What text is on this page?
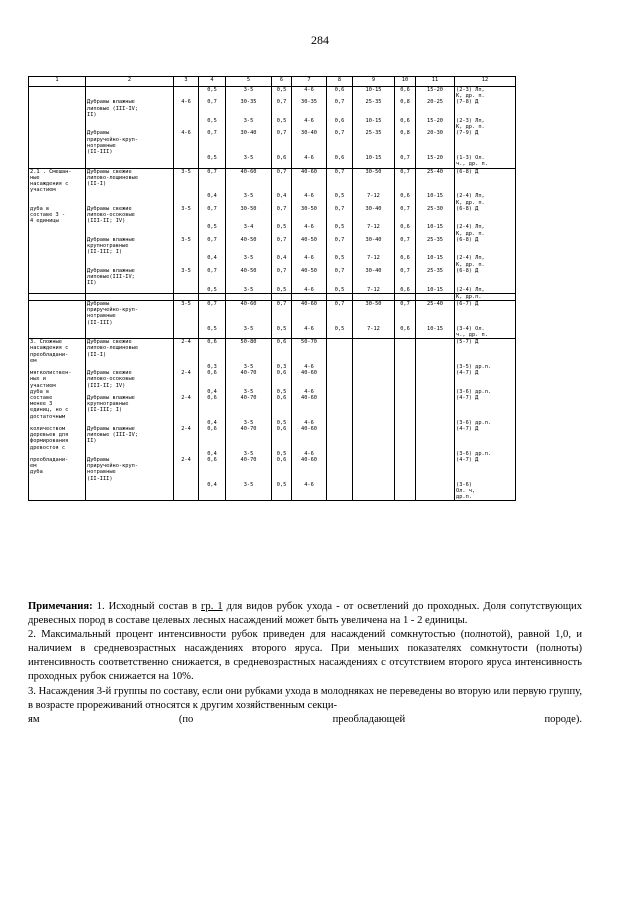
284
1	2	3	4	5	6	7	8	9	10	11	12
			0,5	3-5	0,5	4-6	0,6	10-15	0,6	15-20	(2-3) Лп,
К, др. п.
	Дубравы влажные
липовые (III-IV;
II)	4-6	0,7	30-35	0,7	30-35	0,7	25-35	0,8	20-25	(7-8) Д
			0,5	3-5	0,5	4-6	0,6	10-15	0,6	15-20	(2-3) Лп,
К, др. п.
	Дубравы
приручейно-круп-
нотравные
(II-III)	4-6	0,7	30-40	0,7	30-40	0,7	25-35	0,8	20-30	(7-9) Д
			0,5	3-5	0,6	4-6	0,6	10-15	0,7	15-20	(1-3) Ол.
ч., др. п.
2.1 . Смешан-
ные
насаждения с
участием	Дубравы свежие
липово-лещиновые
(II-I)	3-5	0,7	40-60	0,7	40-60	0,7	30-50	0,7	25-40	(6-8) Д
			0,4	3-5	0,4	4-6	0,5	7-12	0,6	10-15	(2-4) Лп,
К, др. п.
дуба в
составе 3 -
4 единицы	Дубравы свежие
липово-осоковые
(III-II; IV)	3-5	0,7	30-50	0,7	30-50	0,7	30-40	0,7	25-30	(6-8) Д
			0,5	3-4	0,5	4-6	0,5	7-12	0,6	10-15	(2-4) Лп,
К, др. п.
	Дубравы влажные
крупнотравные
(II-III; I)	3-5	0,7	40-50	0,7	40-50	0,7	30-40	0,7	25-35	(6-8) Д
			0,4	3-5	0,4	4-6	0,5	7-12	0,6	10-15	(2-4) Лп,
К, др. п.
	Дубравы влажные
липовые(III-IV;
II)	3-5	0,7	40-50	0,7	40-50	0,7	30-40	0,7	25-35	(6-8) Д
			0,5	3-5	0,5	4-6	0,5	7-12	0,6	10-15	(2-4) Лп,
											К, др.п.
	Дубравы
приручейно-круп-
нотравные
(II-III)	3-5	0,7	40-60	0,7	40-60	0,7	30-50	0,7	25-40	(6-7) Д
			0,5	3-5	0,5	4-6	0,5	7-12	0,6	10-15	(3-4) Ол.
ч., др. п.
3. Сложные
насаждения с
преобладани-
ем	Дубравы свежие
липово-лещиновые
(II-I)	2-4	0,6	50-80	0,6	50-70					(5-7) Д
			0,3	3-5	0,3	4-6					(3-5) др.п.
мягколиствен-
ных и
участием	Дубравы свежие
липово-осоковые
(III-II; IV)	2-4	0,6	40-70	0,6	40-60					(4-7) Д
дуба в			0,4	3-5	0,5	4-6					(3-6) др.п.
составе
менее 3
единиц, но с
достаточным	Дубравы влажные
крупнотравные
(II-III; I)	2-4	0,6	40-70	0,6	40-60					(4-7) Д
			0,4	3-5	0,5	4-6					(3-6) др.п.
количеством
деревьев для
формирования
древостоя с	Дубравы влажные
липовые (III-IV;
II)	2-4	0,6	40-70	0,6	40-60					(4-7) Д
			0,4	3-5	0,5	4-6					(3-6) др.п.
преобладани-
ем
дуба	Дубравы
приручейно-круп-
нотравные
(II-III)	2-4	0,6	40-70	0,6	40-60					(4-7) Д
			0,4	3-5	0,5	4-6					(3-6)
Ол. ч,
др.п.

Примечания: 1. Исходный состав в гр. 1 для видов рубок ухода - от осветлений до проходных. Доля сопутствующих древесных пород в составе целевых лесных насаждений может быть увеличена на 1 - 2 единицы.

2. Максимальный процент интенсивности рубок приведен для насаждений сомкнутостью (полнотой), равной 1,0, и наличием в средневозрастных насаждениях второго яруса. При меньших показателях сомкнутости (полноты) интенсивность соответственно снижается, в средневозрастных насаждениях с отсутствием второго яруса интенсивность проходных рубок снижается на 10%.

3. Насаждения 3-й группы по составу, если они рубками ухода в молодняках не переведены во вторую или первую группу, в возрасте прореживаний относятся к другим хозяйственным секци-
ям (по преобладающей породе).
